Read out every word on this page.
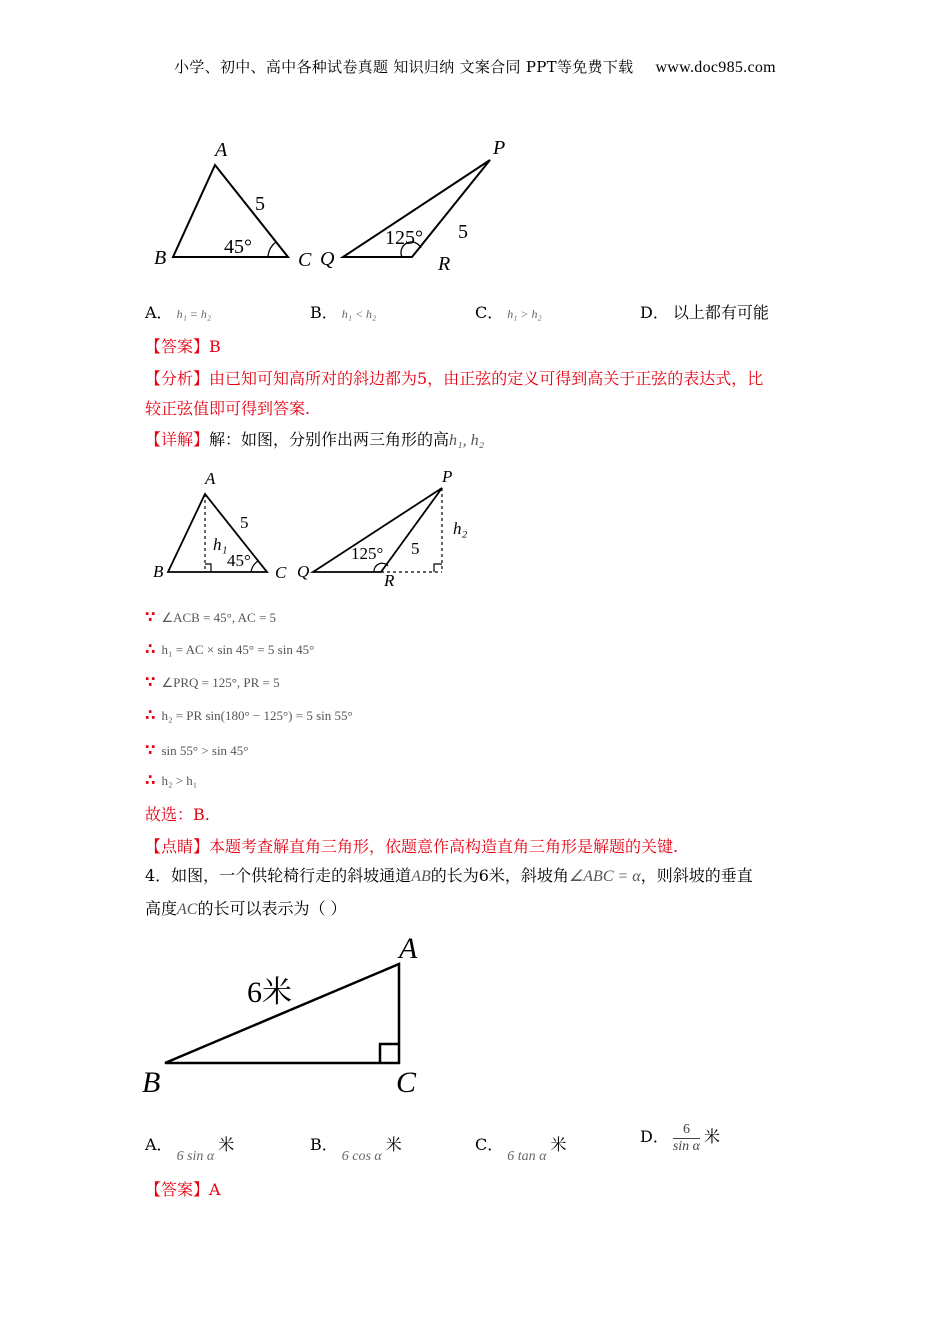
小学、初中、高中各种试卷真题 知识归纳 文案合同 PPT等免费下载 www.doc985.com
A
B	C
P
Q	R
5
45°
5
125°
A． h₁ = h₂	B． h₁ < h₂	C． h₁ > h₂	D． 以上都有可能
【答案】B
【分析】由已知可知高所对的斜边都为5，由正弦的定义可得到高关于正弦的表达式，比
较正弦值即可得到答案.
【详解】解：如图，分别作出两三角形的高h₁, h₂
A
B	C
P
Q	R
h₁
h₂
5
45°
5
125°
∵ ∠ACB = 45°, AC = 5
∴ h₁ = AC × sin 45° = 5 sin 45°
∵ ∠PRQ = 125°, PR = 5
∴ h₂ = PR sin(180° − 125°) = 5 sin 55°
∵ sin 55° > sin 45°
∴ h₂ > h₁
故选：B.
【点睛】本题考查解直角三角形，依题意作高构造直角三角形是解题的关键.
4．如图，一个供轮椅行走的斜坡通道AB的长为6米，斜坡角∠ABC = α，则斜坡的垂直
高度AC的长可以表示为（ ）
A
B	C
6米
A． 6 sin α 米	B． 6 cos α 米	C． 6 tan α 米	D． $\frac{6}{\text{sin α}}$ 米
【答案】A
